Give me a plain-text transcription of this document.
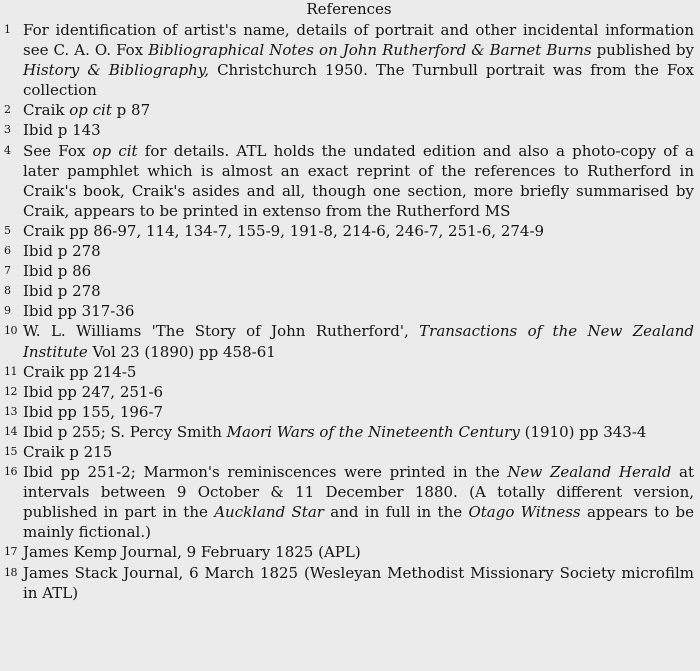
References
1 For identification of artist's name, details of portrait and other incidental information see C. A. O. Fox Bibliographical Notes on John Rutherford & Barnet Burns published by History & Bibliography, Christchurch 1950. The Turnbull portrait was from the Fox collection
2 Craik op cit p 87
3 Ibid p 143
4 See Fox op cit for details. ATL holds the undated edition and also a photo-copy of a later pamphlet which is almost an exact reprint of the references to Rutherford in Craik's book, Craik's asides and all, though one section, more briefly summarised by Craik, appears to be printed in extenso from the Rutherford MS
5 Craik pp 86-97, 114, 134-7, 155-9, 191-8, 214-6, 246-7, 251-6, 274-9
6 Ibid p 278
7 Ibid p 86
8 Ibid p 278
9 Ibid pp 317-36
10 W. L. Williams 'The Story of John Rutherford', Transactions of the New Zealand Institute Vol 23 (1890) pp 458-61
11 Craik pp 214-5
12 Ibid pp 247, 251-6
13 Ibid pp 155, 196-7
14 Ibid p 255; S. Percy Smith Maori Wars of the Nineteenth Century (1910) pp 343-4
15 Craik p 215
16 Ibid pp 251-2; Marmon's reminiscences were printed in the New Zealand Herald at intervals between 9 October & 11 December 1880. (A totally different version, published in part in the Auckland Star and in full in the Otago Witness appears to be mainly fictional.)
17 James Kemp Journal, 9 February 1825 (APL)
18 James Stack Journal, 6 March 1825 (Wesleyan Methodist Missionary Society microfilm in ATL)
